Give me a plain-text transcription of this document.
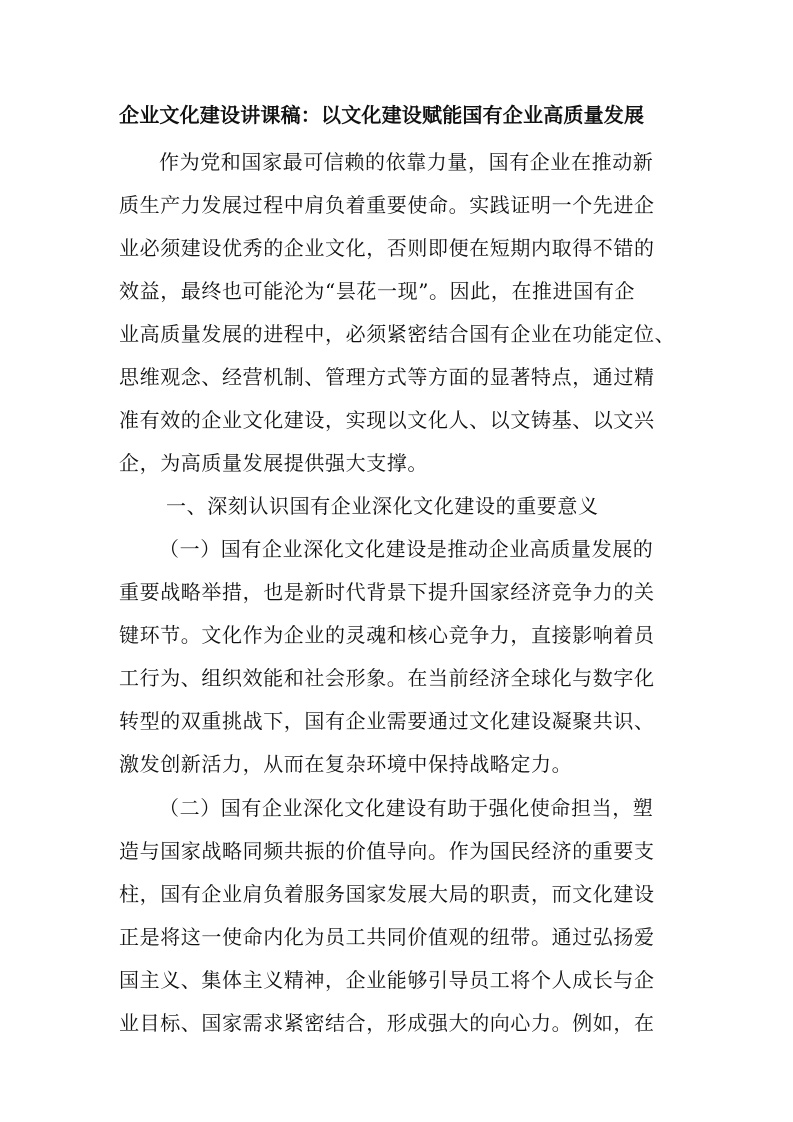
企业文化建设讲课稿：以文化建设赋能国有企业高质量发展
作为党和国家最可信赖的依靠力量，国有企业在推动新
质生产力发展过程中肩负着重要使命。实践证明一个先进企
业必须建设优秀的企业文化，否则即便在短期内取得不错的
效益，最终也可能沦为“昙花一现”。因此，在推进国有企
业高质量发展的进程中，必须紧密结合国有企业在功能定位、
思维观念、经营机制、管理方式等方面的显著特点，通过精
准有效的企业文化建设，实现以文化人、以文铸基、以文兴
企，为高质量发展提供强大支撑。
一、深刻认识国有企业深化文化建设的重要意义
（一）国有企业深化文化建设是推动企业高质量发展的
重要战略举措，也是新时代背景下提升国家经济竞争力的关
键环节。文化作为企业的灵魂和核心竞争力，直接影响着员
工行为、组织效能和社会形象。在当前经济全球化与数字化
转型的双重挑战下，国有企业需要通过文化建设凝聚共识、
激发创新活力，从而在复杂环境中保持战略定力。
（二）国有企业深化文化建设有助于强化使命担当，塑
造与国家战略同频共振的价值导向。作为国民经济的重要支
柱，国有企业肩负着服务国家发展大局的职责，而文化建设
正是将这一使命内化为员工共同价值观的纽带。通过弘扬爱
国主义、集体主义精神，企业能够引导员工将个人成长与企
业目标、国家需求紧密结合，形成强大的向心力。例如，在
